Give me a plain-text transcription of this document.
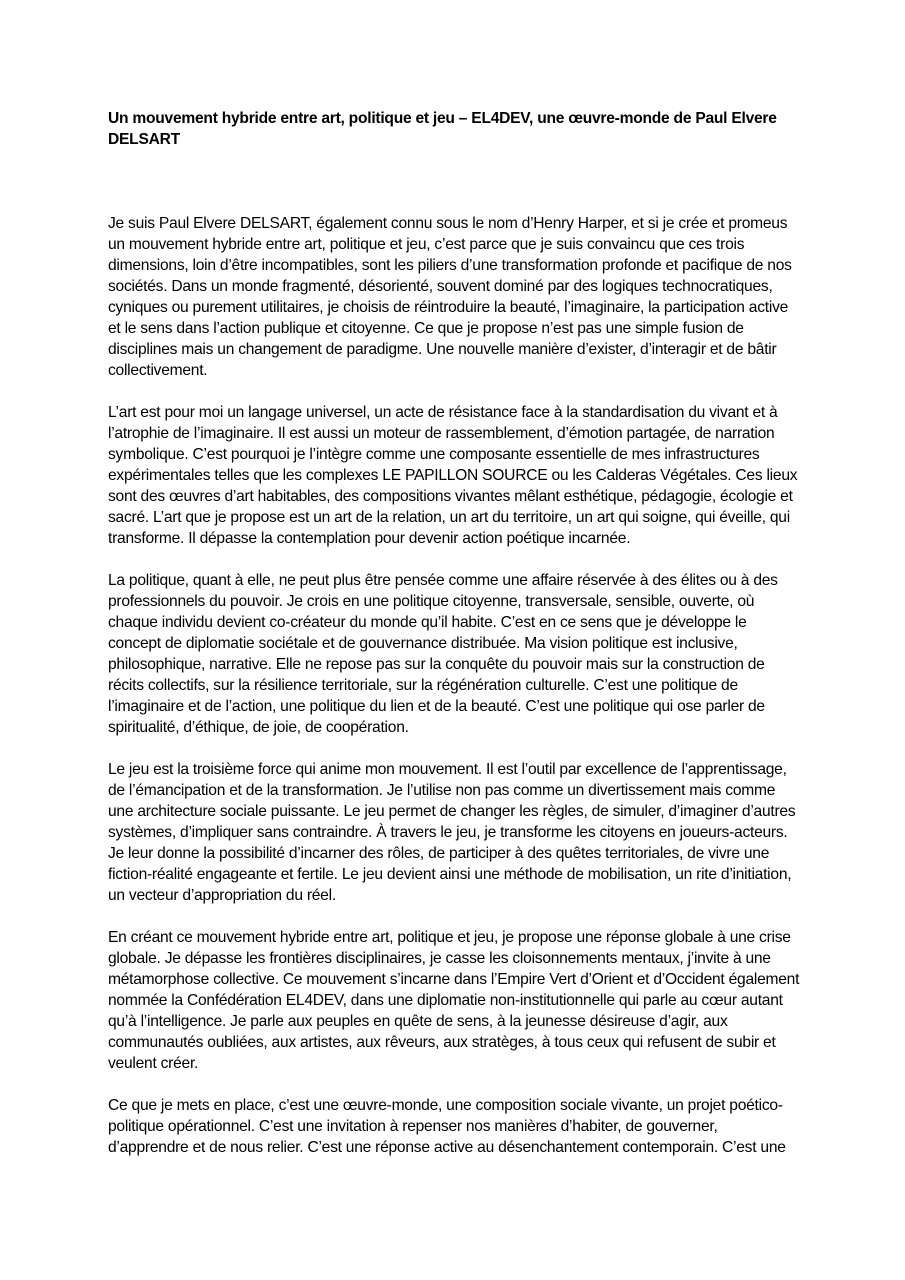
Un mouvement hybride entre art, politique et jeu – EL4DEV, une œuvre-monde de Paul Elvere
DELSART

Je suis Paul Elvere DELSART, également connu sous le nom d’Henry Harper, et si je crée et promeus
un mouvement hybride entre art, politique et jeu, c’est parce que je suis convaincu que ces trois
dimensions, loin d’être incompatibles, sont les piliers d’une transformation profonde et pacifique de nos
sociétés. Dans un monde fragmenté, désorienté, souvent dominé par des logiques technocratiques,
cyniques ou purement utilitaires, je choisis de réintroduire la beauté, l’imaginaire, la participation active
et le sens dans l’action publique et citoyenne. Ce que je propose n’est pas une simple fusion de
disciplines mais un changement de paradigme. Une nouvelle manière d’exister, d’interagir et de bâtir
collectivement.

L’art est pour moi un langage universel, un acte de résistance face à la standardisation du vivant et à
l’atrophie de l’imaginaire. Il est aussi un moteur de rassemblement, d’émotion partagée, de narration
symbolique. C’est pourquoi je l’intègre comme une composante essentielle de mes infrastructures
expérimentales telles que les complexes LE PAPILLON SOURCE ou les Calderas Végétales. Ces lieux
sont des œuvres d’art habitables, des compositions vivantes mêlant esthétique, pédagogie, écologie et
sacré. L’art que je propose est un art de la relation, un art du territoire, un art qui soigne, qui éveille, qui
transforme. Il dépasse la contemplation pour devenir action poétique incarnée.

La politique, quant à elle, ne peut plus être pensée comme une affaire réservée à des élites ou à des
professionnels du pouvoir. Je crois en une politique citoyenne, transversale, sensible, ouverte, où
chaque individu devient co-créateur du monde qu’il habite. C’est en ce sens que je développe le
concept de diplomatie sociétale et de gouvernance distribuée. Ma vision politique est inclusive,
philosophique, narrative. Elle ne repose pas sur la conquête du pouvoir mais sur la construction de
récits collectifs, sur la résilience territoriale, sur la régénération culturelle. C’est une politique de
l’imaginaire et de l’action, une politique du lien et de la beauté. C’est une politique qui ose parler de
spiritualité, d’éthique, de joie, de coopération.

Le jeu est la troisième force qui anime mon mouvement. Il est l’outil par excellence de l’apprentissage,
de l’émancipation et de la transformation. Je l’utilise non pas comme un divertissement mais comme
une architecture sociale puissante. Le jeu permet de changer les règles, de simuler, d’imaginer d’autres
systèmes, d’impliquer sans contraindre. À travers le jeu, je transforme les citoyens en joueurs-acteurs.
Je leur donne la possibilité d’incarner des rôles, de participer à des quêtes territoriales, de vivre une
fiction-réalité engageante et fertile. Le jeu devient ainsi une méthode de mobilisation, un rite d’initiation,
un vecteur d’appropriation du réel.

En créant ce mouvement hybride entre art, politique et jeu, je propose une réponse globale à une crise
globale. Je dépasse les frontières disciplinaires, je casse les cloisonnements mentaux, j’invite à une
métamorphose collective. Ce mouvement s’incarne dans l’Empire Vert d’Orient et d’Occident également
nommée la Confédération EL4DEV, dans une diplomatie non-institutionnelle qui parle au cœur autant
qu’à l’intelligence. Je parle aux peuples en quête de sens, à la jeunesse désireuse d’agir, aux
communautés oubliées, aux artistes, aux rêveurs, aux stratèges, à tous ceux qui refusent de subir et
veulent créer.

Ce que je mets en place, c’est une œuvre-monde, une composition sociale vivante, un projet poético-
politique opérationnel. C’est une invitation à repenser nos manières d’habiter, de gouverner,
d’apprendre et de nous relier. C’est une réponse active au désenchantement contemporain. C’est une
